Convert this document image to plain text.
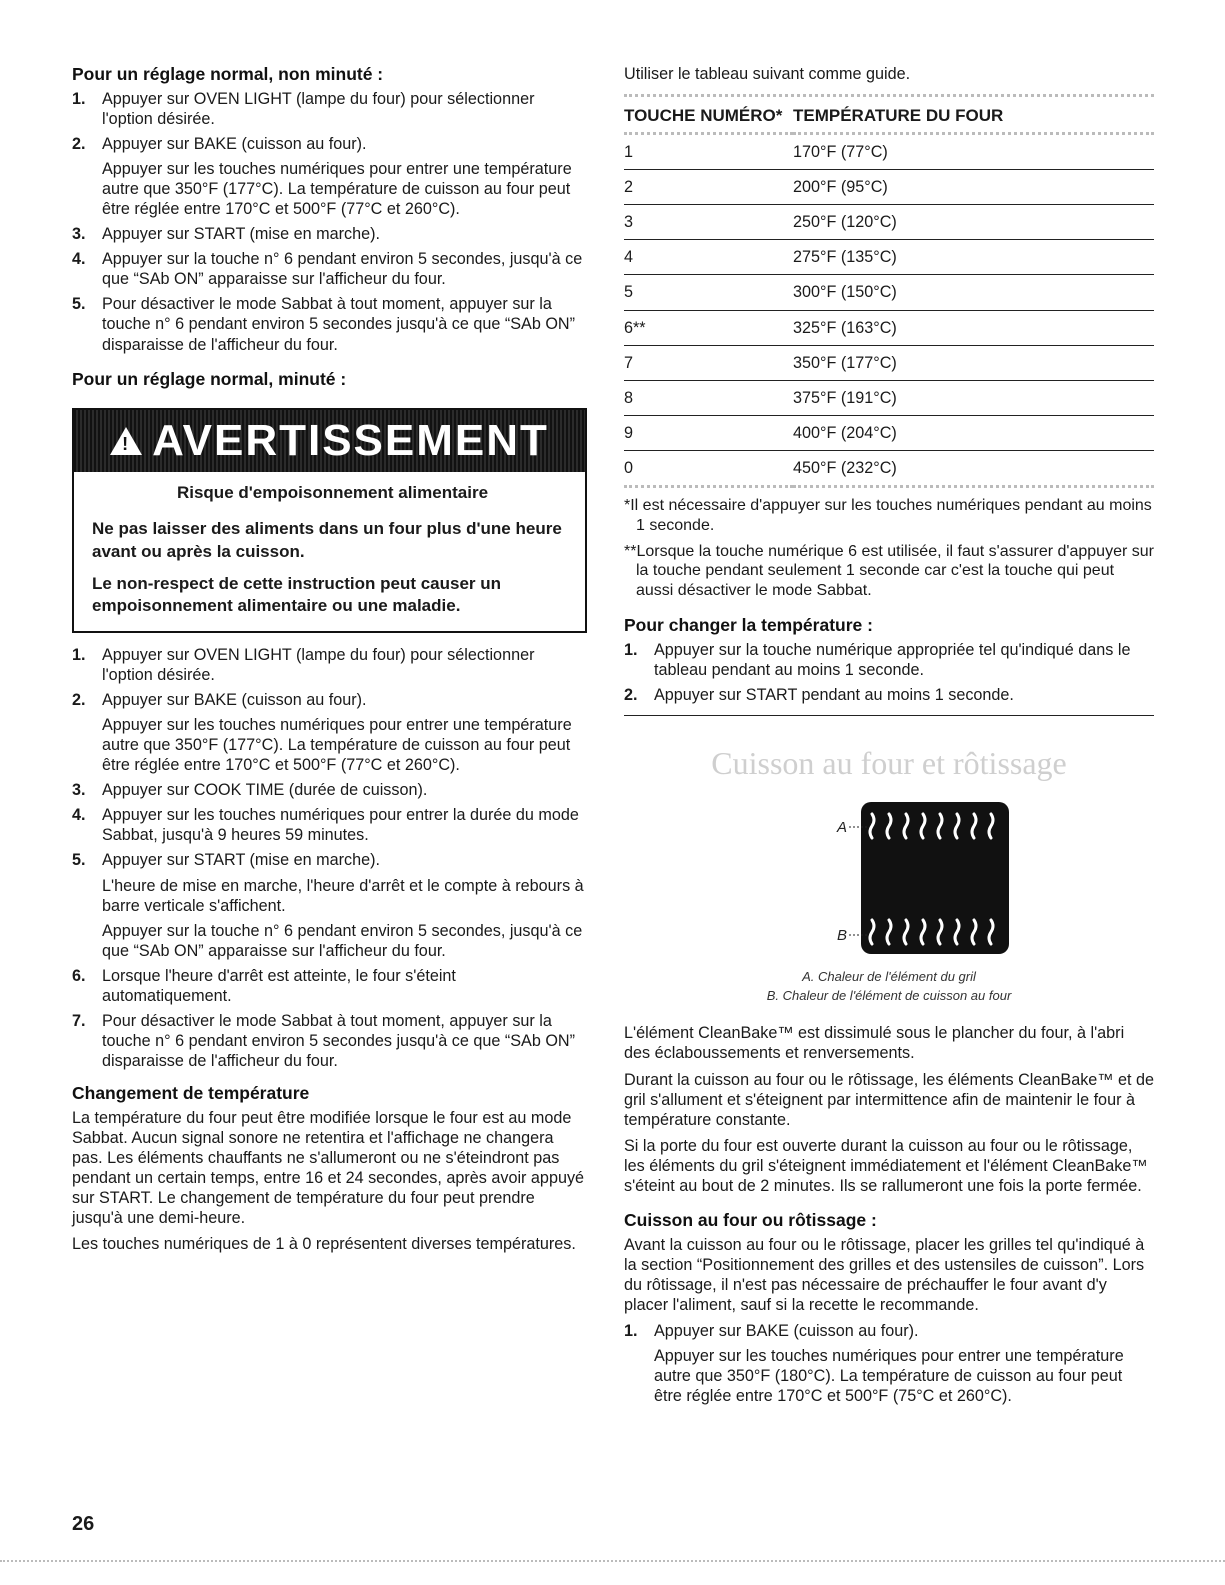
Pour un réglage normal, non minuté :
1. Appuyer sur OVEN LIGHT (lampe du four) pour sélectionner l'option désirée.

2. Appuyer sur BAKE (cuisson au four).

Appuyer sur les touches numériques pour entrer une température autre que 350°F (177°C). La température de cuisson au four peut être réglée entre 170°C et 500°F (77°C et 260°C).

3. Appuyer sur START (mise en marche).

4. Appuyer sur la touche n° 6 pendant environ 5 secondes, jusqu'à ce que “SAb ON” apparaisse sur l'afficheur du four.

5. Pour désactiver le mode Sabbat à tout moment, appuyer sur la touche n° 6 pendant environ 5 secondes jusqu'à ce que “SAb ON” disparaisse de l'afficheur du four.

Pour un réglage normal, minuté :
! AVERTISSEMENT

Risque d'empoisonnement alimentaire

Ne pas laisser des aliments dans un four plus d'une heure avant ou après la cuisson.

Le non-respect de cette instruction peut causer un empoisonnement alimentaire ou une maladie.

1. Appuyer sur OVEN LIGHT (lampe du four) pour sélectionner l'option désirée.

2. Appuyer sur BAKE (cuisson au four).

Appuyer sur les touches numériques pour entrer une température autre que 350°F (177°C). La température de cuisson au four peut être réglée entre 170°C et 500°F (77°C et 260°C).

3. Appuyer sur COOK TIME (durée de cuisson).

4. Appuyer sur les touches numériques pour entrer la durée du mode Sabbat, jusqu'à 9 heures 59 minutes.

5. Appuyer sur START (mise en marche).

L'heure de mise en marche, l'heure d'arrêt et le compte à rebours à barre verticale s'affichent.

Appuyer sur la touche n° 6 pendant environ 5 secondes, jusqu'à ce que “SAb ON” apparaisse sur l'afficheur du four.

6. Lorsque l'heure d'arrêt est atteinte, le four s'éteint automatiquement.

7. Pour désactiver le mode Sabbat à tout moment, appuyer sur la touche n° 6 pendant environ 5 secondes jusqu'à ce que “SAb ON” disparaisse de l'afficheur du four.

Changement de température

La température du four peut être modifiée lorsque le four est au mode Sabbat. Aucun signal sonore ne retentira et l'affichage ne changera pas. Les éléments chauffants ne s'allumeront ou ne s'éteindront pas pendant un certain temps, entre 16 et 24 secondes, après avoir appuyé sur START. Le changement de température du four peut prendre jusqu'à une demi-heure.

Les touches numériques de 1 à 0 représentent diverses températures.

Utiliser le tableau suivant comme guide.

TOUCHE NUMÉRO*	TEMPÉRATURE DU FOUR
1	170°F (77°C)
2	200°F (95°C)
3	250°F (120°C)
4	275°F (135°C)
5	300°F (150°C)
6**	325°F (163°C)
7	350°F (177°C)
8	375°F (191°C)
9	400°F (204°C)
0	450°F (232°C)

*Il est nécessaire d'appuyer sur les touches numériques pendant au moins 1 seconde.

**Lorsque la touche numérique 6 est utilisée, il faut s'assurer d'appuyer sur la touche pendant seulement 1 seconde car c'est la touche qui peut aussi désactiver le mode Sabbat.

Pour changer la température :
1. Appuyer sur la touche numérique appropriée tel qu'indiqué dans le tableau pendant au moins 1 seconde.

2. Appuyer sur START pendant au moins 1 seconde.

Cuisson au four et rôtissage
A
B
A. Chaleur de l'élément du gril
B. Chaleur de l'élément de cuisson au four

L'élément CleanBake™ est dissimulé sous le plancher du four, à l'abri des éclaboussements et renversements.

Durant la cuisson au four ou le rôtissage, les éléments CleanBake™ et de gril s'allument et s'éteignent par intermittence afin de maintenir le four à température constante.

Si la porte du four est ouverte durant la cuisson au four ou le rôtissage, les éléments du gril s'éteignent immédiatement et l'élément CleanBake™ s'éteint au bout de 2 minutes. Ils se rallumeront une fois la porte fermée.

Cuisson au four ou rôtissage :

Avant la cuisson au four ou le rôtissage, placer les grilles tel qu'indiqué à la section “Positionnement des grilles et des ustensiles de cuisson”. Lors du rôtissage, il n'est pas nécessaire de préchauffer le four avant d'y placer l'aliment, sauf si la recette le recommande.

1. Appuyer sur BAKE (cuisson au four).

Appuyer sur les touches numériques pour entrer une température autre que 350°F (180°C). La température de cuisson au four peut être réglée entre 170°C et 500°F (75°C et 260°C).

26
